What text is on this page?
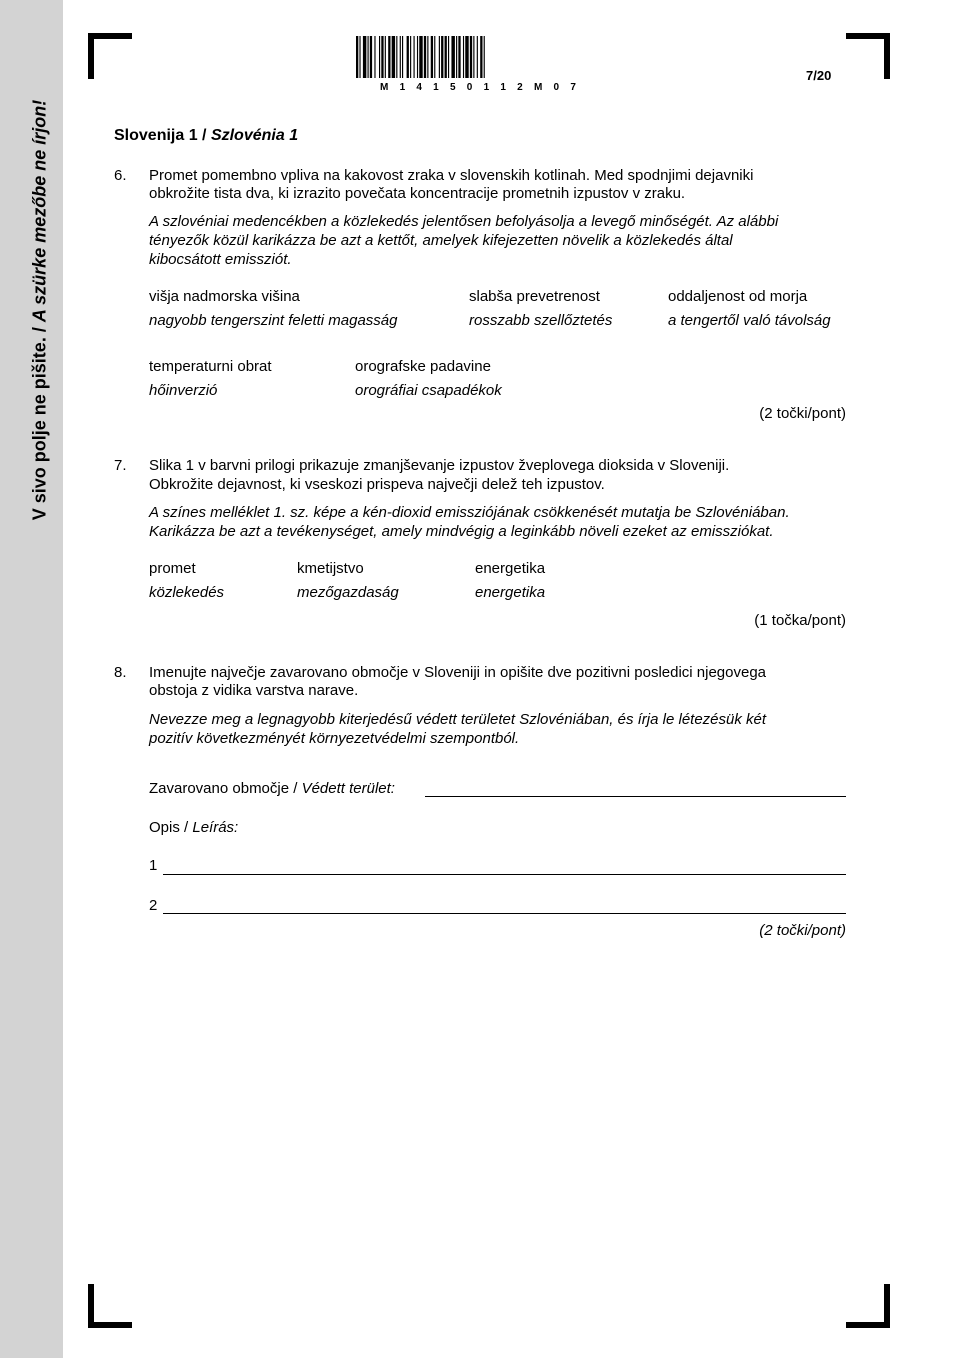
V sivo polje ne pišite. / A szürke mezőbe ne írjon!
M 1 4 1 5 0 1 1 2 M 0 7
7/20
Slovenija 1 / Szlovénia 1
6. Promet pomembno vpliva na kakovost zraka v slovenskih kotlinah. Med spodnjimi dejavniki
obkrožite tista dva, ki izrazito povečata koncentracije prometnih izpustov v zraku.
A szlovéniai medencékben a közlekedés jelentősen befolyásolja a levegő minőségét. Az alábbi
tényezők közül karikázza be azt a kettőt, amelyek kifejezetten növelik a közlekedés által
kibocsátott emissziót.
višja nadmorska višina
nagyobb tengerszint feletti magasság
slabša prevetrenost
rosszabb szellőztetés
oddaljenost od morja
a tengertől való távolság
temperaturni obrat
hőinverzió
orografske padavine
orográfiai csapadékok
(2 točki/pont)
7. Slika 1 v barvni prilogi prikazuje zmanjševanje izpustov žveplovega dioksida v Sloveniji.
Obkrožite dejavnost, ki vseskozi prispeva največji delež teh izpustov.
A színes melléklet 1. sz. képe a kén-dioxid emissziójának csökkenését mutatja be Szlovéniában.
Karikázza be azt a tevékenységet, amely mindvégig a leginkább növeli ezeket az emissziókat.
promet
közlekedés
kmetijstvo
mezőgazdaság
energetika
energetika
(1 točka/pont)
8. Imenujte največje zavarovano območje v Sloveniji in opišite dve pozitivni posledici njegovega
obstoja z vidika varstva narave.
Nevezze meg a legnagyobb kiterjedésű védett területet Szlovéniában, és írja le létezésük két
pozitív következményét környezetvédelmi szempontból.
Zavarovano območje / Védett terület:
Opis / Leírás:
1
2
(2 točki/pont)
